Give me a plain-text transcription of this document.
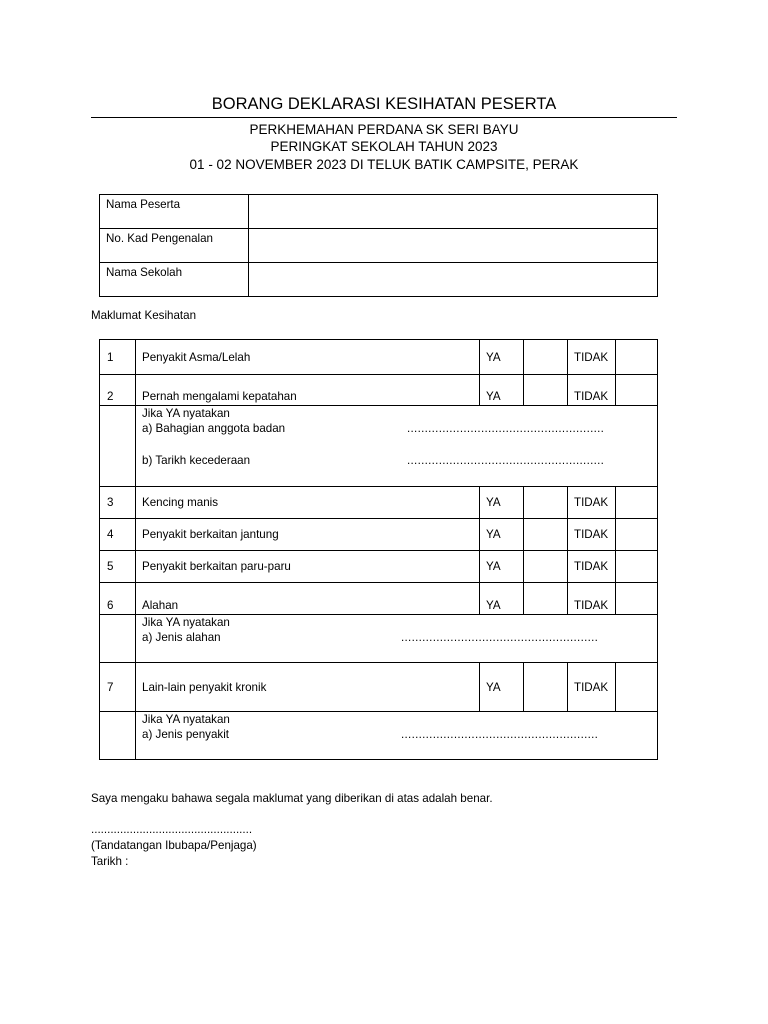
BORANG DEKLARASI KESIHATAN PESERTA
PERKHEMAHAN PERDANA SK SERI BAYU
PERINGKAT SEKOLAH TAHUN 2023
01 - 02 NOVEMBER 2023 DI TELUK BATIK CAMPSITE, PERAK
Nama Peserta	
No. Kad Pengenalan	
Nama Sekolah	
Maklumat Kesihatan
1	Penyakit Asma/Lelah	YA		TIDAK	
2	Pernah mengalami kepatahan	YA		TIDAK	

	Jika YA nyatakan
a) Bahagian anggota badan ........................................................
b) Tarikh kecederaan ........................................................				

3	Kencing manis	YA		TIDAK	
4	Penyakit berkaitan jantung	YA		TIDAK	
5	Penyakit berkaitan paru-paru	YA		TIDAK	
6	Alahan	YA		TIDAK	

	Jika YA nyatakan
a) Jenis alahan ........................................................				

7	Lain-lain penyakit kronik	YA		TIDAK	

	Jika YA nyatakan
a) Jenis penyakit ........................................................				
Saya mengaku bahawa segala maklumat yang diberikan di atas adalah benar.
..................................................
(Tandatangan Ibubapa/Penjaga)
Tarikh :
